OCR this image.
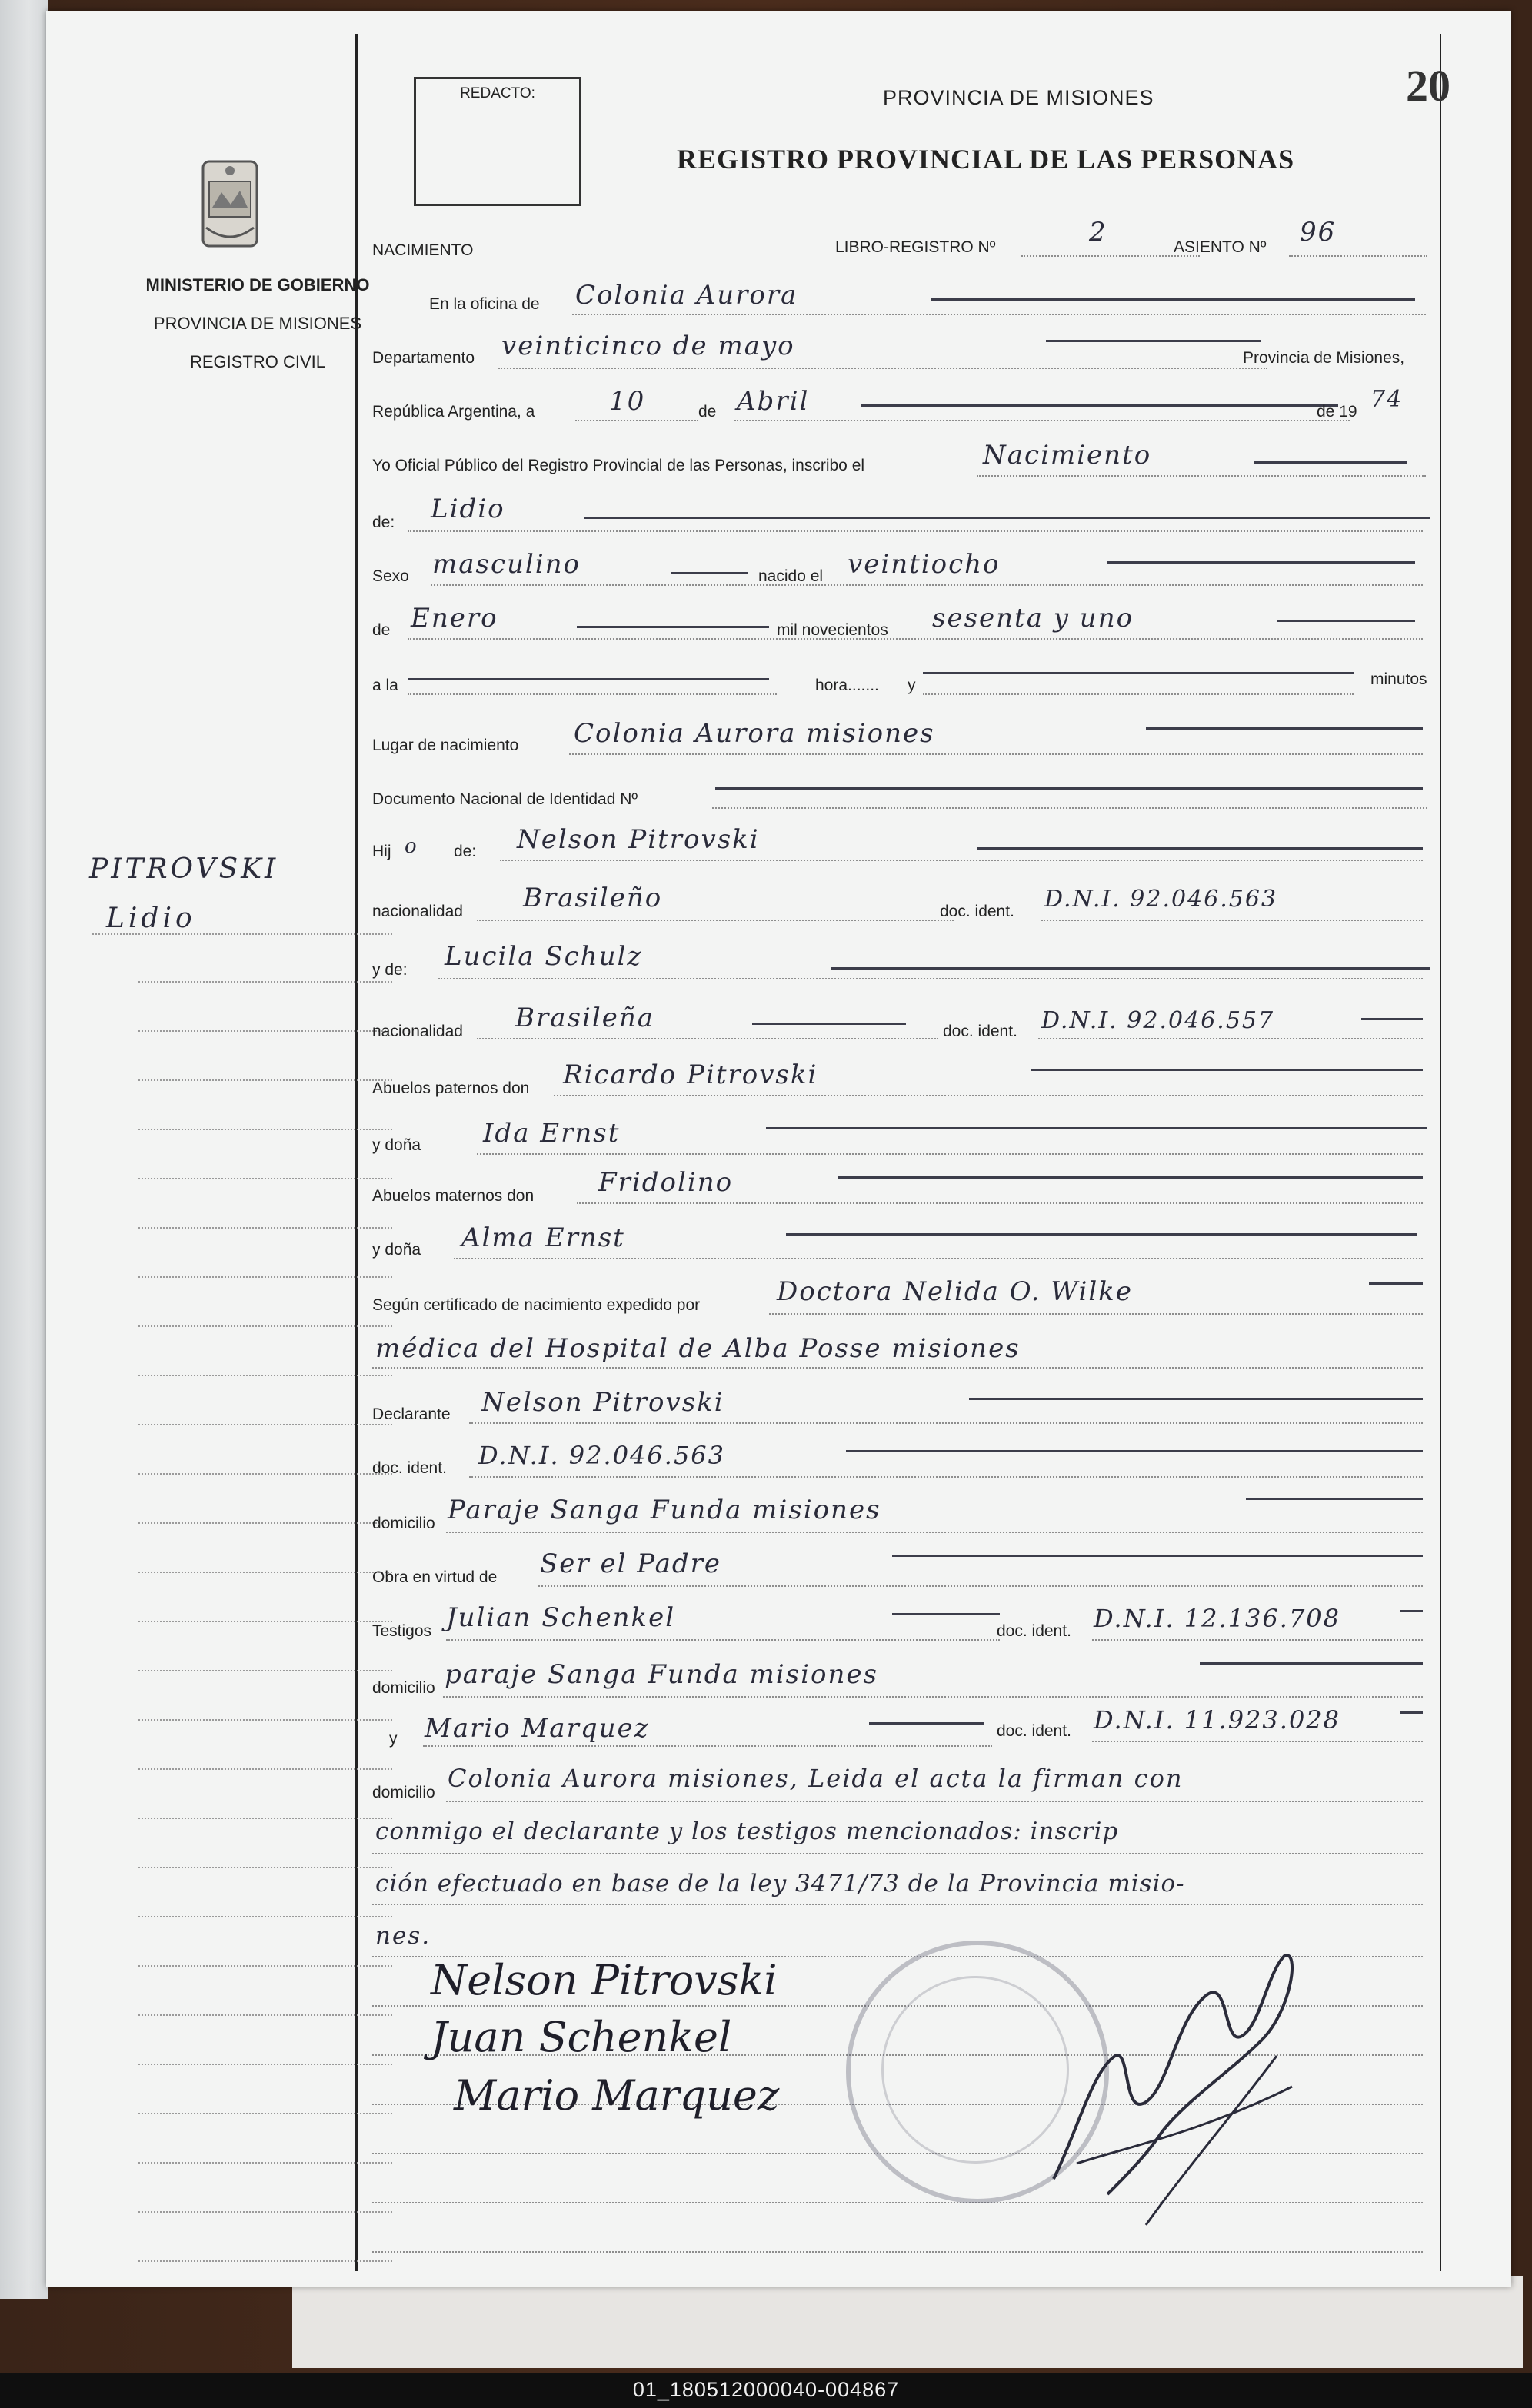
MINISTERIO DE GOBIERNO
PROVINCIA DE MISIONES
REGISTRO CIVIL
PITROVSKI
Lidio
REDACTO:	PROVINCIA DE MISIONES
REGISTRO PROVINCIAL DE LAS PERSONAS
20
NACIMIENTO	LIBRO-REGISTRO Nº	2	ASIENTO Nº 96
En la oficina de Colonia Aurora
Departamento veinticinco de mayo	Provincia de Misiones,
República Argentina, a	10	de Abril	de 19 74
Yo Oficial Público del Registro Provincial de las Personas, inscribo el	Nacimiento
de: Lidio
Sexo masculino	nacido el veintiocho
de Enero	mil novecientos sesenta y uno
a la	hora....... y	minutos
Lugar de nacimiento Colonia Aurora misiones
Documento Nacional de Identidad Nº
Hij o de: Nelson Pitrovski
nacionalidad Brasileño	doc. ident. D.N.I. 92.046.563
y de: Lucila Schulz
nacionalidad Brasileña	doc. ident. D.N.I. 92.046.557
Abuelos paternos don Ricardo Pitrovski
y doña Ida Ernst
Abuelos maternos don Fridolino
y doña Alma Ernst
Según certificado de nacimiento expedido por	Doctora Nelida O. Wilke
médica del Hospital de Alba Posse misiones
Declarante Nelson Pitrovski
doc. ident. D.N.I. 92.046.563
domicilio Paraje Sanga Funda misiones
Obra en virtud de Ser el Padre
Testigos Julian Schenkel	doc. ident. D.N.I. 12.136.708
domicilio paraje Sanga Funda misiones
y Mario Marquez	doc. ident. D.N.I. 11.923.028
domicilio Colonia Aurora misiones, Leida el acta la firman con
conmigo el declarante y los testigos mencionados: inscrip
ción efectuado en base de la ley 3471/73 de la Provincia misio-
nes.
Nelson Pitrovski
Juan Schenkel
Mario Marquez
01_180512000040-004867
